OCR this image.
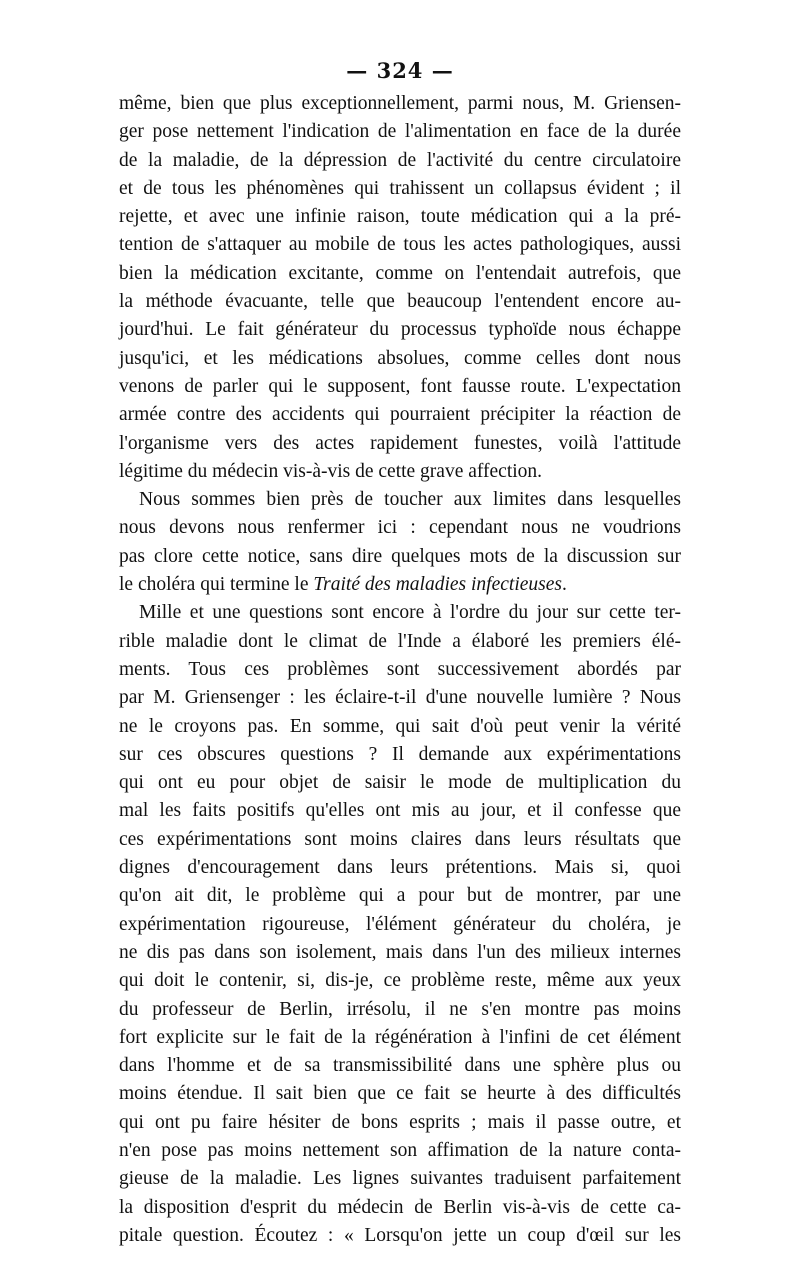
— 324 —
même, bien que plus exceptionnellement, parmi nous, M. Griensen-
ger pose nettement l'indication de l'alimentation en face de la durée
de la maladie, de la dépression de l'activité du centre circulatoire
et de tous les phénomènes qui trahissent un collapsus évident ; il
rejette, et avec une infinie raison, toute médication qui a la pré-
tention de s'attaquer au mobile de tous les actes pathologiques, aussi
bien la médication excitante, comme on l'entendait autrefois, que
la méthode évacuante, telle que beaucoup l'entendent encore au-
jourd'hui. Le fait générateur du processus typhoïde nous échappe
jusqu'ici, et les médications absolues, comme celles dont nous
venons de parler qui le supposent, font fausse route. L'expectation
armée contre des accidents qui pourraient précipiter la réaction de
l'organisme vers des actes rapidement funestes, voilà l'attitude
légitime du médecin vis-à-vis de cette grave affection.
Nous sommes bien près de toucher aux limites dans lesquelles
nous devons nous renfermer ici : cependant nous ne voudrions
pas clore cette notice, sans dire quelques mots de la discussion sur
le choléra qui termine le Traité des maladies infectieuses.
Mille et une questions sont encore à l'ordre du jour sur cette ter-
rible maladie dont le climat de l'Inde a élaboré les premiers élé-
ments. Tous ces problèmes sont successivement abordés par
par M. Griensenger : les éclaire-t-il d'une nouvelle lumière ? Nous
ne le croyons pas. En somme, qui sait d'où peut venir la vérité
sur ces obscures questions ? Il demande aux expérimentations
qui ont eu pour objet de saisir le mode de multiplication du
mal les faits positifs qu'elles ont mis au jour, et il confesse que
ces expérimentations sont moins claires dans leurs résultats que
dignes d'encouragement dans leurs prétentions. Mais si, quoi
qu'on ait dit, le problème qui a pour but de montrer, par une
expérimentation rigoureuse, l'élément générateur du choléra, je
ne dis pas dans son isolement, mais dans l'un des milieux internes
qui doit le contenir, si, dis-je, ce problème reste, même aux yeux
du professeur de Berlin, irrésolu, il ne s'en montre pas moins
fort explicite sur le fait de la régénération à l'infini de cet élément
dans l'homme et de sa transmissibilité dans une sphère plus ou
moins étendue. Il sait bien que ce fait se heurte à des difficultés
qui ont pu faire hésiter de bons esprits ; mais il passe outre, et
n'en pose pas moins nettement son affimation de la nature conta-
gieuse de la maladie. Les lignes suivantes traduisent parfaitement
la disposition d'esprit du médecin de Berlin vis-à-vis de cette ca-
pitale question. Écoutez : « Lorsqu'on jette un coup d'œil sur les
